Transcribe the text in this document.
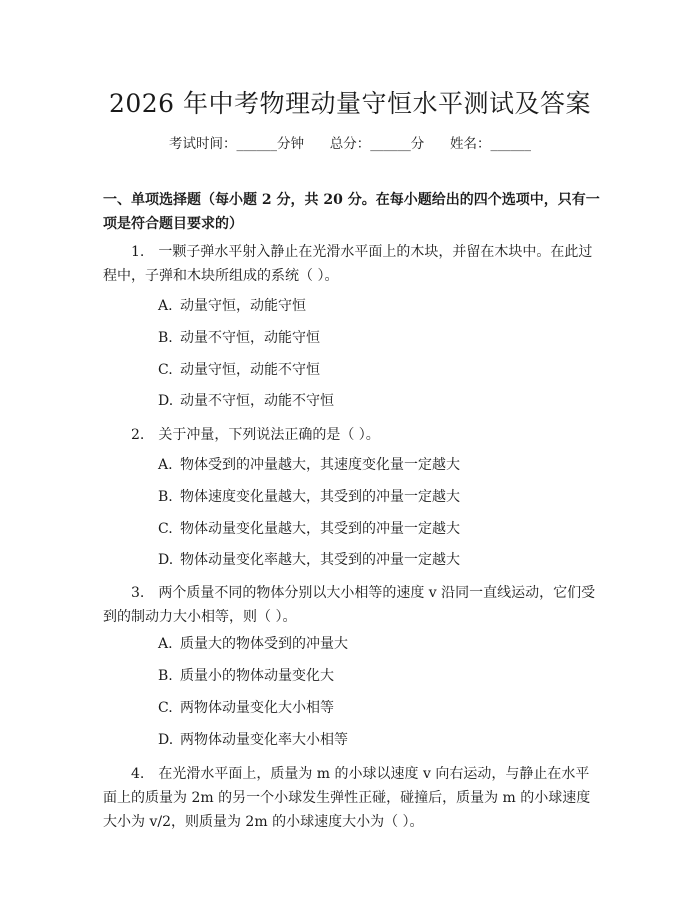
2026 年中考物理动量守恒水平测试及答案
考试时间：______分钟      总分：______分      姓名：______
一、单项选择题（每小题 2 分，共 20 分。在每小题给出的四个选项中，只有一项是符合题目要求的）
1.　一颗子弹水平射入静止在光滑水平面上的木块，并留在木块中。在此过程中，子弹和木块所组成的系统（ ）。
A. 动量守恒，动能守恒
B. 动量不守恒，动能守恒
C. 动量守恒，动能不守恒
D. 动量不守恒，动能不守恒
2.　关于冲量，下列说法正确的是（ ）。
A. 物体受到的冲量越大，其速度变化量一定越大
B. 物体速度变化量越大，其受到的冲量一定越大
C. 物体动量变化量越大，其受到的冲量一定越大
D. 物体动量变化率越大，其受到的冲量一定越大
3.　两个质量不同的物体分别以大小相等的速度 v 沿同一直线运动，它们受到的制动力大小相等，则（ ）。
A. 质量大的物体受到的冲量大
B. 质量小的物体动量变化大
C. 两物体动量变化大小相等
D. 两物体动量变化率大小相等
4.　在光滑水平面上，质量为 m 的小球以速度 v 向右运动，与静止在水平面上的质量为 2m 的另一个小球发生弹性正碰，碰撞后，质量为 m 的小球速度大小为 v/2，则质量为 2m 的小球速度大小为（ ）。
